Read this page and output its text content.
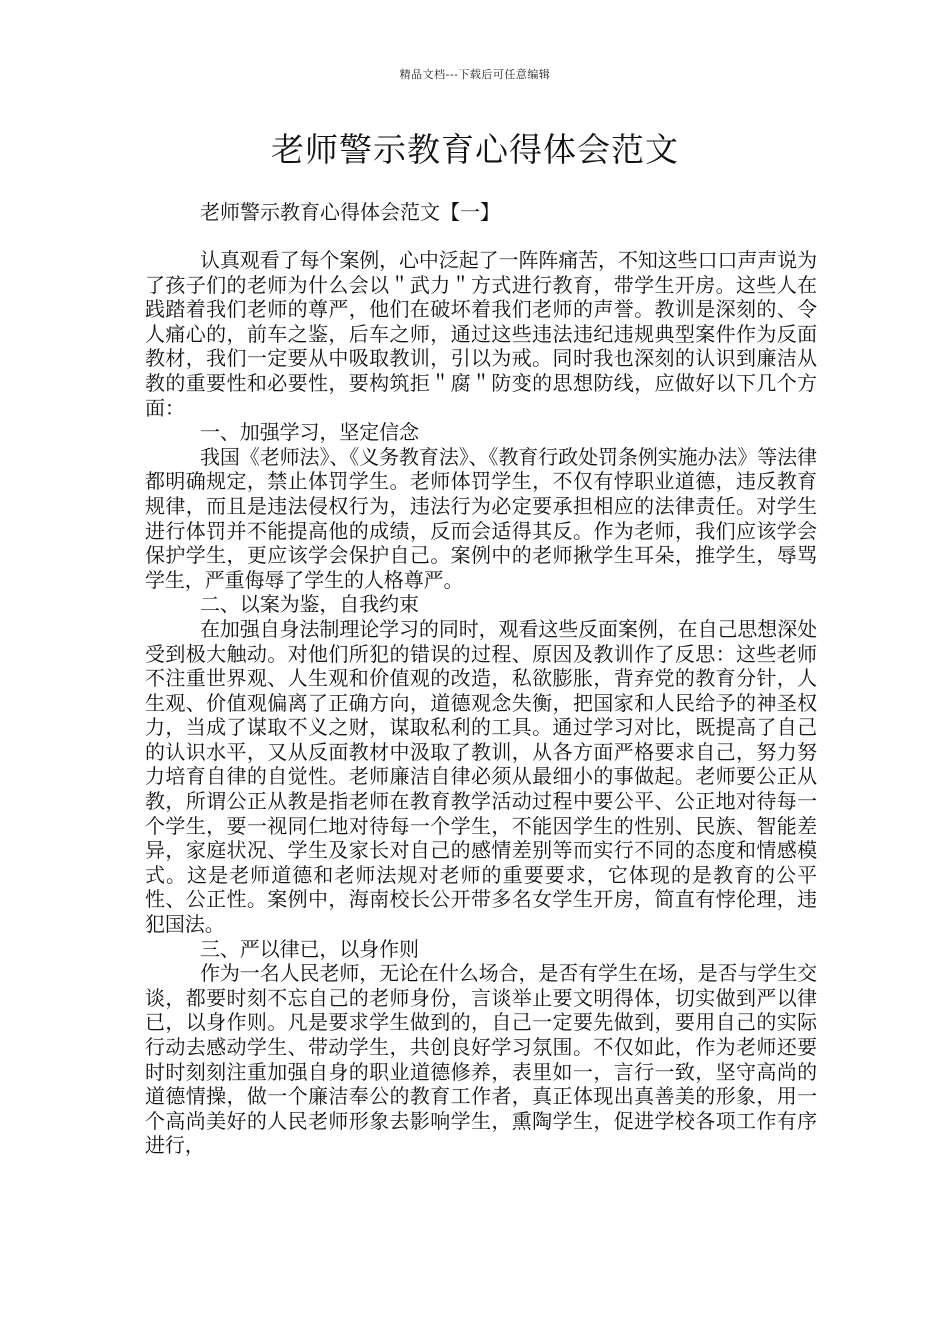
精品文档---下载后可任意编辑
老师警示教育心得体会范文
老师警示教育心得体会范文【一】

认真观看了每个案例，心中泛起了一阵阵痛苦，不知这些口口声声说为了孩子们的老师为什么会以＂武力＂方式进行教育，带学生开房。这些人在践踏着我们老师的尊严，他们在破坏着我们老师的声誉。教训是深刻的、令人痛心的，前车之鉴，后车之师，通过这些违法违纪违规典型案件作为反面教材，我们一定要从中吸取教训，引以为戒。同时我也深刻的认识到廉洁从教的重要性和必要性，要构筑拒＂腐＂防变的思想防线，应做好以下几个方面：

一、加强学习，坚定信念

我国《老师法》、《义务教育法》、《教育行政处罚条例实施办法》等法律都明确规定，禁止体罚学生。老师体罚学生，不仅有悖职业道德，违反教育规律，而且是违法侵权行为，违法行为必定要承担相应的法律责任。对学生进行体罚并不能提高他的成绩，反而会适得其反。作为老师，我们应该学会保护学生，更应该学会保护自己。案例中的老师揪学生耳朵，推学生，辱骂学生，严重侮辱了学生的人格尊严。

二、以案为鉴，自我约束

在加强自身法制理论学习的同时，观看这些反面案例，在自己思想深处受到极大触动。对他们所犯的错误的过程、原因及教训作了反思：这些老师不注重世界观、人生观和价值观的改造，私欲膨胀，背弃党的教育分针，人生观、价值观偏离了正确方向，道德观念失衡，把国家和人民给予的神圣权力，当成了谋取不义之财，谋取私利的工具。通过学习对比，既提高了自己的认识水平，又从反面教材中汲取了教训，从各方面严格要求自己，努力努力培育自律的自觉性。老师廉洁自律必须从最细小的事做起。老师要公正从教，所谓公正从教是指老师在教育教学活动过程中要公平、公正地对待每一个学生，要一视同仁地对待每一个学生，不能因学生的性别、民族、智能差异，家庭状况、学生及家长对自己的感情差别等而实行不同的态度和情感模式。这是老师道德和老师法规对老师的重要要求，它体现的是教育的公平性、公正性。案例中，海南校长公开带多名女学生开房，简直有悖伦理，违犯国法。

三、严以律已，以身作则

作为一名人民老师，无论在什么场合，是否有学生在场，是否与学生交谈，都要时刻不忘自己的老师身份，言谈举止要文明得体，切实做到严以律已，以身作则。凡是要求学生做到的，自己一定要先做到，要用自己的实际行动去感动学生、带动学生，共创良好学习氛围。不仅如此，作为老师还要时时刻刻注重加强自身的职业道德修养，表里如一，言行一致，坚守高尚的道德情操，做一个廉洁奉公的教育工作者，真正体现出真善美的形象，用一个高尚美好的人民老师形象去影响学生，熏陶学生，促进学校各项工作有序进行，
